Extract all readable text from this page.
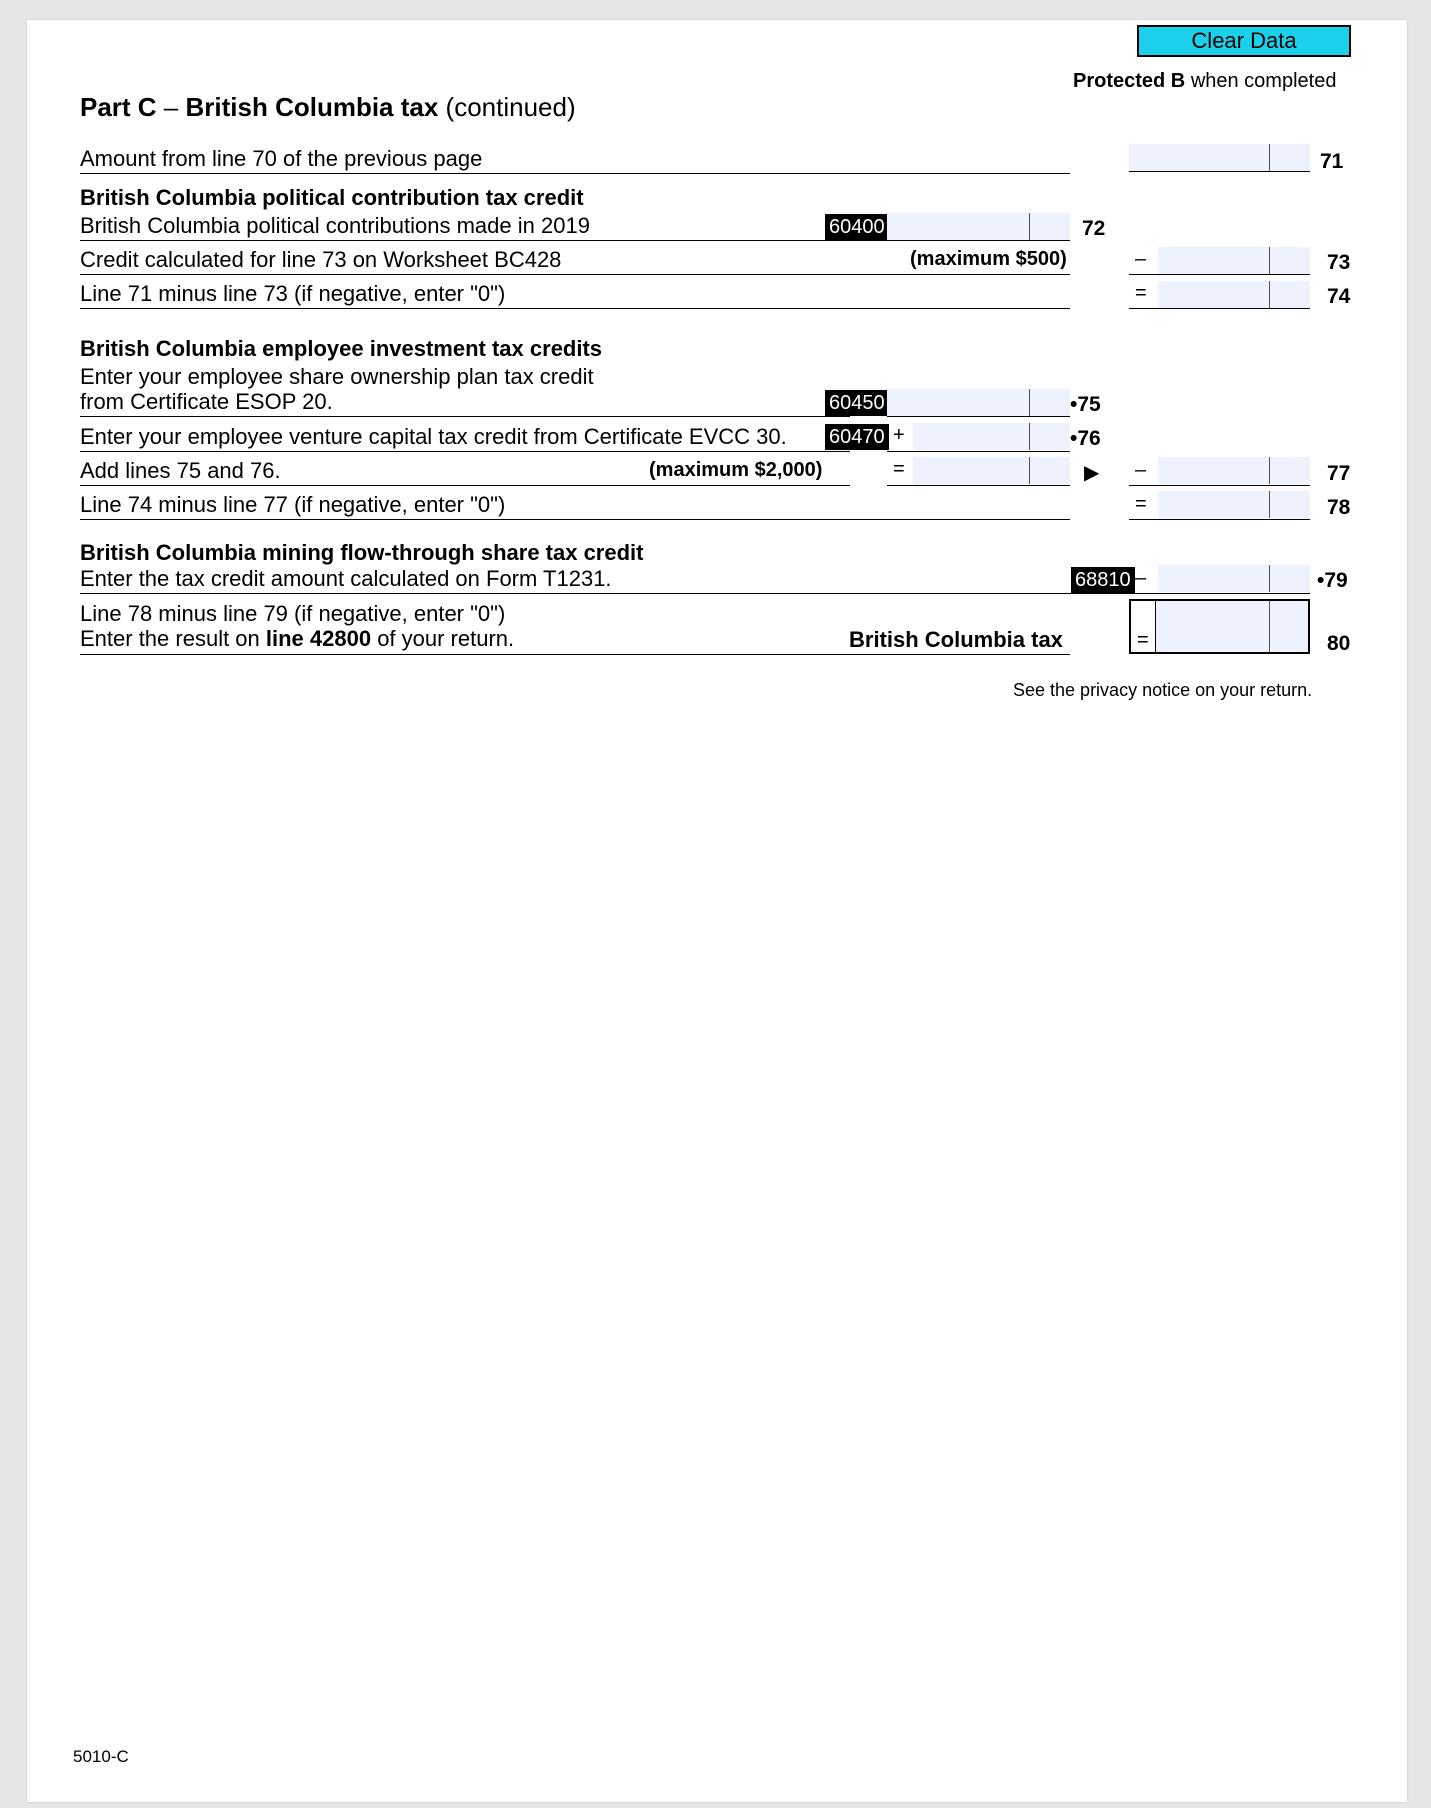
Clear Data
Protected B when completed
Part C – British Columbia tax (continued)
Amount from line 70 of the previous page	71
British Columbia political contribution tax credit
British Columbia political contributions made in 2019	60400	72
Credit calculated for line 73 on Worksheet BC428	(maximum $500)	–	73
Line 71 minus line 73 (if negative, enter "0")	=	74
British Columbia employee investment tax credits
Enter your employee share ownership plan tax credit
from Certificate ESOP 20.	60450	•75
Enter your employee venture capital tax credit from Certificate EVCC 30. 60470 +	•76
Add lines 75 and 76.	(maximum $2,000)	=	▶ –	77
Line 74 minus line 77 (if negative, enter "0")	=	78
British Columbia mining flow-through share tax credit
Enter the tax credit amount calculated on Form T1231.	68810 –	•79
Line 78 minus line 79 (if negative, enter "0")
Enter the result on line 42800 of your return.	British Columbia tax	=	80
See the privacy notice on your return.
5010-C
